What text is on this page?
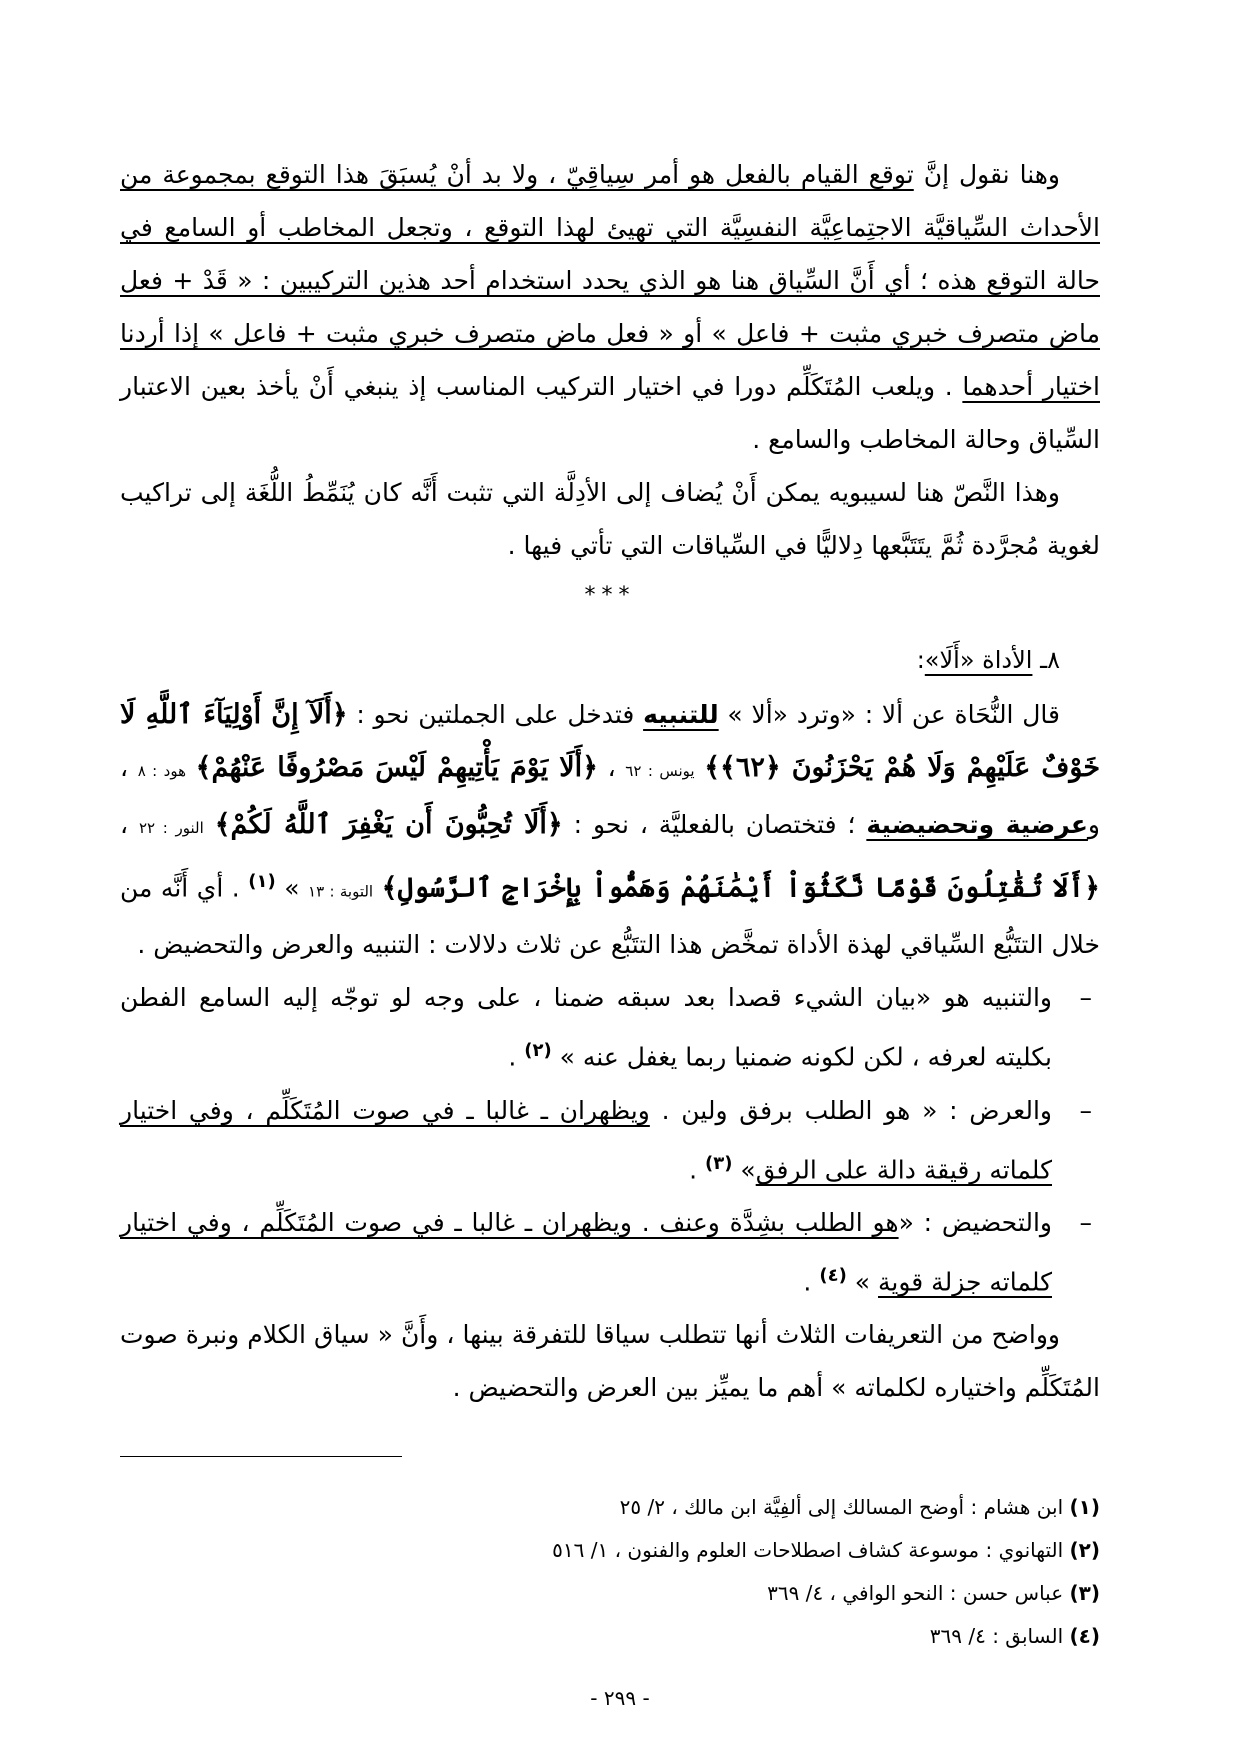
وهنا نقول إنَّ توقع القيام بالفعل هو أمر سِياقِيّ ، ولا بد أنْ يُسبَقَ هذا التوقع بمجموعة من الأحداث السِّياقيَّة الاجتِماعِيَّة النفسِيَّة التي تهيئ لهذا التوقع ، وتجعل المخاطب أو السامع في حالة التوقع هذه ؛ أي أَنَّ السِّياق هنا هو الذي يحدد استخدام أحد هذين التركيبين : « قَدْ + فعل ماض متصرف خبري مثبت + فاعل » أو « فعل ماض متصرف خبري مثبت + فاعل » إذا أردنا اختيار أحدهما . ويلعب المُتَكَلِّم دورا في اختيار التركيب المناسب إذ ينبغي أَنْ يأخذ بعين الاعتبار السِّياق وحالة المخاطب والسامع .

وهذا النَّصّ هنا لسيبويه يمكن أَنْ يُضاف إلى الأدِلَّة التي تثبت أَنَّه كان يُنَمِّطُ اللُّغَة إلى تراكيب لغوية مُجرَّدة ثُمَّ يتَتَبَّعها دِلاليًّا في السِّياقات التي تأتي فيها .

***
٨ـ الأداة «أَلَا»:

قال النُّحَاة عن ألا : «وترد «ألا » للتنبيه فتدخل على الجملتين نحو : ﴿أَلَآ إِنَّ أَوْلِيَآءَ ٱللَّهِ لَا خَوْفٌ عَلَيْهِمْ وَلَا هُمْ يَحْزَنُونَ ﴿٦٢﴾﴾ يونس : ٦٢ ، ﴿أَلَا يَوْمَ يَأْتِيهِمْ لَيْسَ مَصْرُوفًا عَنْهُمْ﴾ هود : ٨ ، وعرضية وتحضيضية ؛ فتختصان بالفعليَّة ، نحو : ﴿أَلَا تُحِبُّونَ أَن يَغْفِرَ ٱللَّهُ لَكُمْ﴾ النور : ٢٢ ، ﴿أَلَا تُقَٰتِلُونَ قَوْمًا نَّكَثُوٓاْ أَيْمَٰنَهُمْ وَهَمُّواْ بِإِخْرَاجِ ٱلرَّسُولِ﴾ التوبة : ١٣ » $^{(١)}$ . أي أَنَّه من خلال التتَبُّع السِّياقي لهذة الأداة تمخَّض هذا التتَبُّع عن ثلاث دلالات : التنبيه والعرض والتحضيض .

–
والتنبيه هو «بيان الشيء قصدا بعد سبقه ضمنا ، على وجه لو توجّه إليه السامع الفطن بكليته لعرفه ، لكن لكونه ضمنيا ربما يغفل عنه » $^{(٢)}$ .

–
والعرض : « هو الطلب برفق ولين . ويظهران ـ غالبا ـ في صوت المُتَكَلِّم ، وفي اختيار كلماته رقيقة دالة على الرفق» $^{(٣)}$ .

–
والتحضيض : «هو الطلب بشِدَّة وعنف . ويظهران ـ غالبا ـ في صوت المُتَكَلِّم ، وفي اختيار كلماته جزلة قوية » $^{(٤)}$ .

وواضح من التعريفات الثلاث أنها تتطلب سياقا للتفرقة بينها ، وأَنَّ « سياق الكلام ونبرة صوت المُتَكَلِّم واختياره لكلماته » أهم ما يميِّز بين العرض والتحضيض .

(١) ابن هشام : أوضح المسالك إلى ألفِيَّة ابن مالك ، ٢/ ٢٥
(٢) التهانوي : موسوعة كشاف اصطلاحات العلوم والفنون ، ١/ ٥١٦
(٣) عباس حسن : النحو الوافي ، ٤/ ٣٦٩
(٤) السابق : ٤/ ٣٦٩
- ٢٩٩ -
